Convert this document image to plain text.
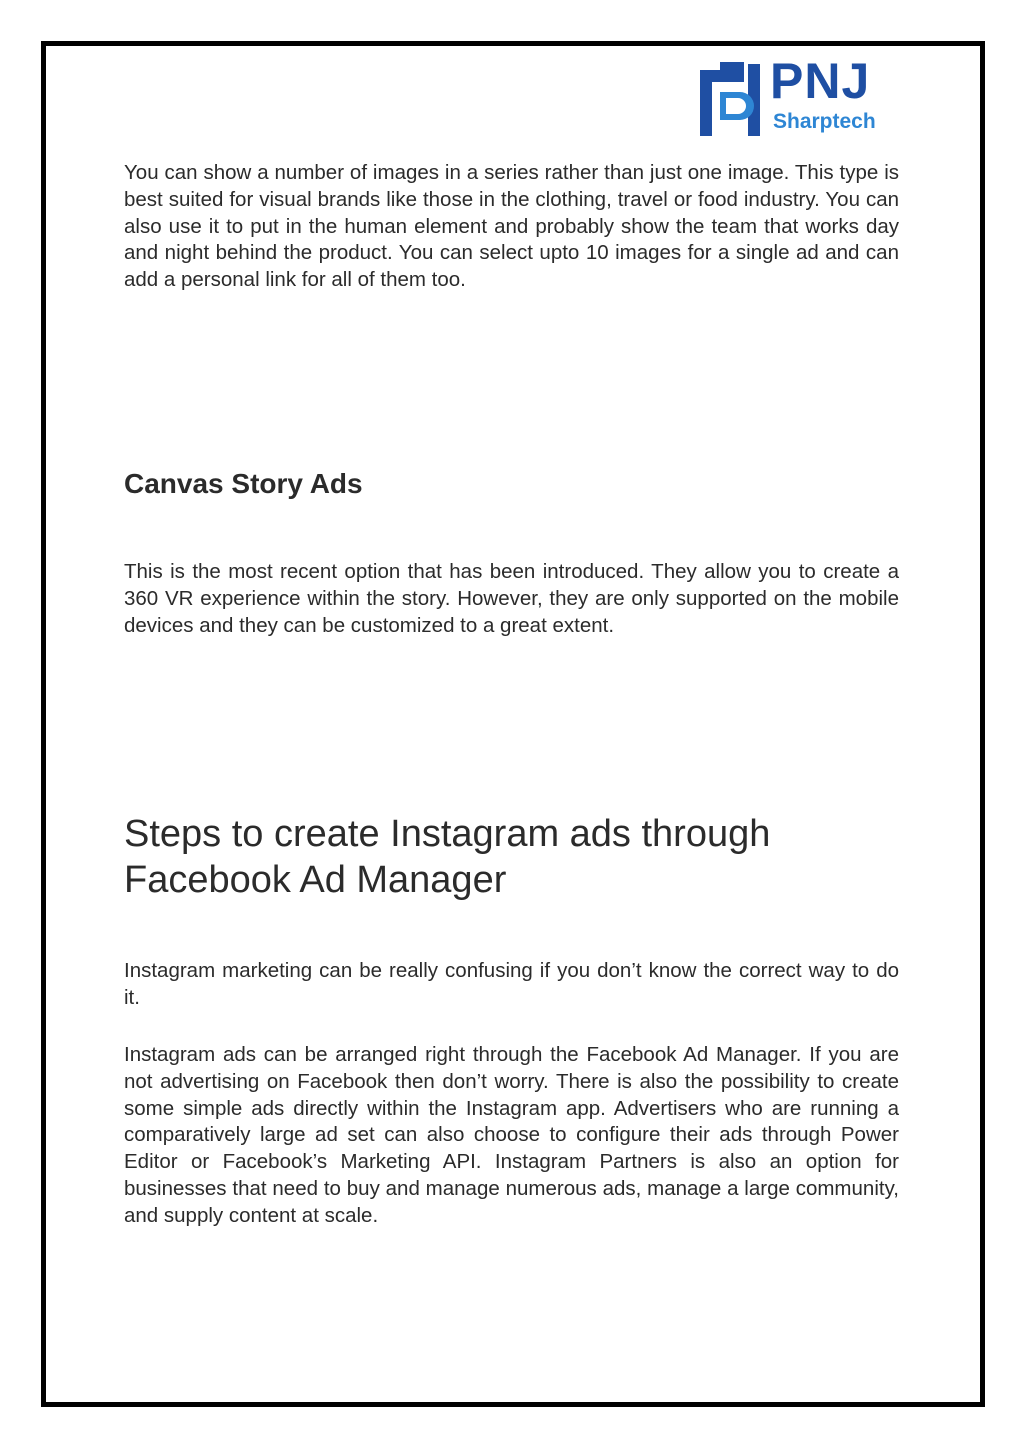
PNJ
Sharptech

You can show a number of images in a series rather than just one image. This type is best suited for visual brands like those in the clothing, travel or food industry. You can also use it to put in the human element and probably show the team that works day and night behind the product. You can select upto 10 images for a single ad and can add a personal link for all of them too.

Canvas Story Ads

This is the most recent option that has been introduced. They allow you to create a 360 VR experience within the story. However, they are only supported on the mobile devices and they can be customized to a great extent.

Steps to create Instagram ads through Facebook Ad Manager

Instagram marketing can be really confusing if you don’t know the correct way to do it.

Instagram ads can be arranged right through the Facebook Ad Manager. If you are not advertising on Facebook then don’t worry. There is also the possibility to create some simple ads directly within the Instagram app. Advertisers who are running a comparatively large ad set can also choose to configure their ads through Power Editor or Facebook’s Marketing API. Instagram Partners is also an option for businesses that need to buy and manage numerous ads, manage a large community, and supply content at scale.
